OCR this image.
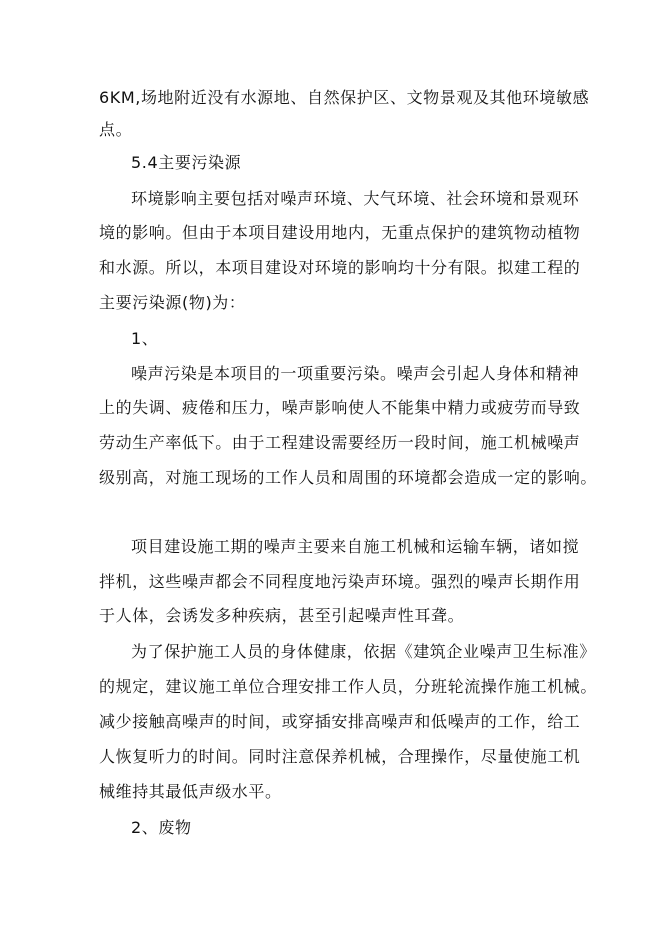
6KM,场地附近没有水源地、自然保护区、文物景观及其他环境敏感
点。
5.4主要污染源
环境影响主要包括对噪声环境、大气环境、社会环境和景观环
境的影响。但由于本项目建设用地内，无重点保护的建筑物动植物
和水源。所以，本项目建设对环境的影响均十分有限。拟建工程的
主要污染源(物)为：
1、
噪声污染是本项目的一项重要污染。噪声会引起人身体和精神
上的失调、疲倦和压力，噪声影响使人不能集中精力或疲劳而导致
劳动生产率低下。由于工程建设需要经历一段时间，施工机械噪声
级别高，对施工现场的工作人员和周围的环境都会造成一定的影响。
项目建设施工期的噪声主要来自施工机械和运输车辆，诸如搅
拌机，这些噪声都会不同程度地污染声环境。强烈的噪声长期作用
于人体，会诱发多种疾病，甚至引起噪声性耳聋。
为了保护施工人员的身体健康，依据《建筑企业噪声卫生标准》
的规定，建议施工单位合理安排工作人员，分班轮流操作施工机械。
减少接触高噪声的时间，或穿插安排高噪声和低噪声的工作，给工
人恢复听力的时间。同时注意保养机械，合理操作，尽量使施工机
械维持其最低声级水平。
2、废物
